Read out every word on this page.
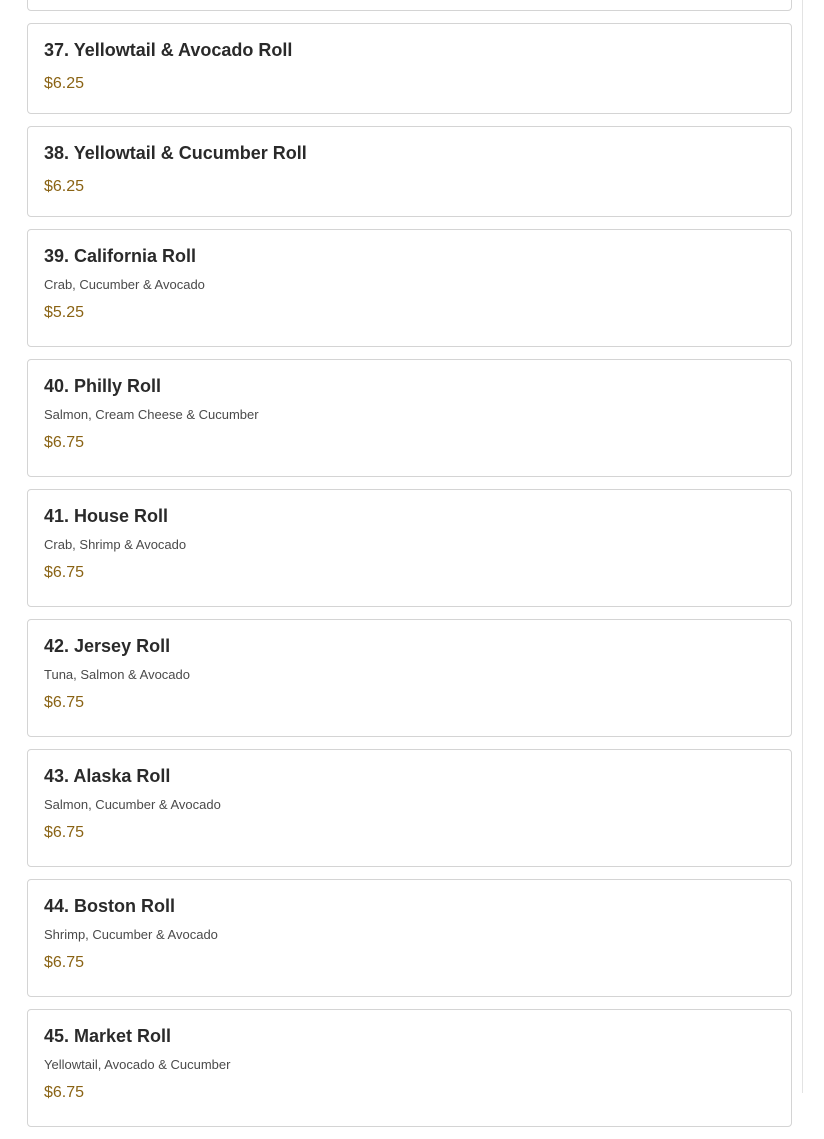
37. Yellowtail & Avocado Roll
$6.25
38. Yellowtail & Cucumber Roll
$6.25
39. California Roll
Crab, Cucumber & Avocado
$5.25
40. Philly Roll
Salmon, Cream Cheese & Cucumber
$6.75
41. House Roll
Crab, Shrimp & Avocado
$6.75
42. Jersey Roll
Tuna, Salmon & Avocado
$6.75
43. Alaska Roll
Salmon, Cucumber & Avocado
$6.75
44. Boston Roll
Shrimp, Cucumber & Avocado
$6.75
45. Market Roll
Yellowtail, Avocado & Cucumber
$6.75
